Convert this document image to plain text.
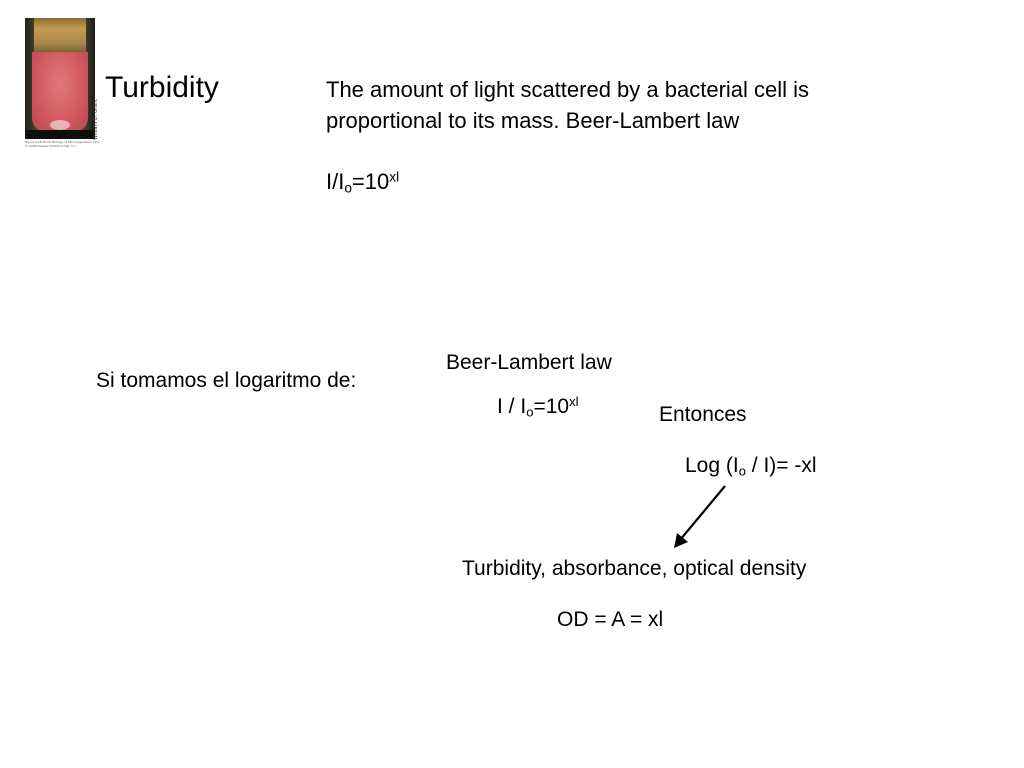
Figure 4.18 Brock Biology of Microorganisms 11/e © 2006 Pearson Prentice Hall, Inc.
William D. Grant
Turbidity	The amount of light scattered by a bacterial cell is
proportional to its mass. Beer-Lambert law
$I/I_o=10^{xl}$
Si tomamos el logaritmo de:
Beer-Lambert law
$I / I_o=10^{xl}$
Entonces
Log $(I_o / I)= -xl$
Turbidity, absorbance, optical density
OD = A = xl
